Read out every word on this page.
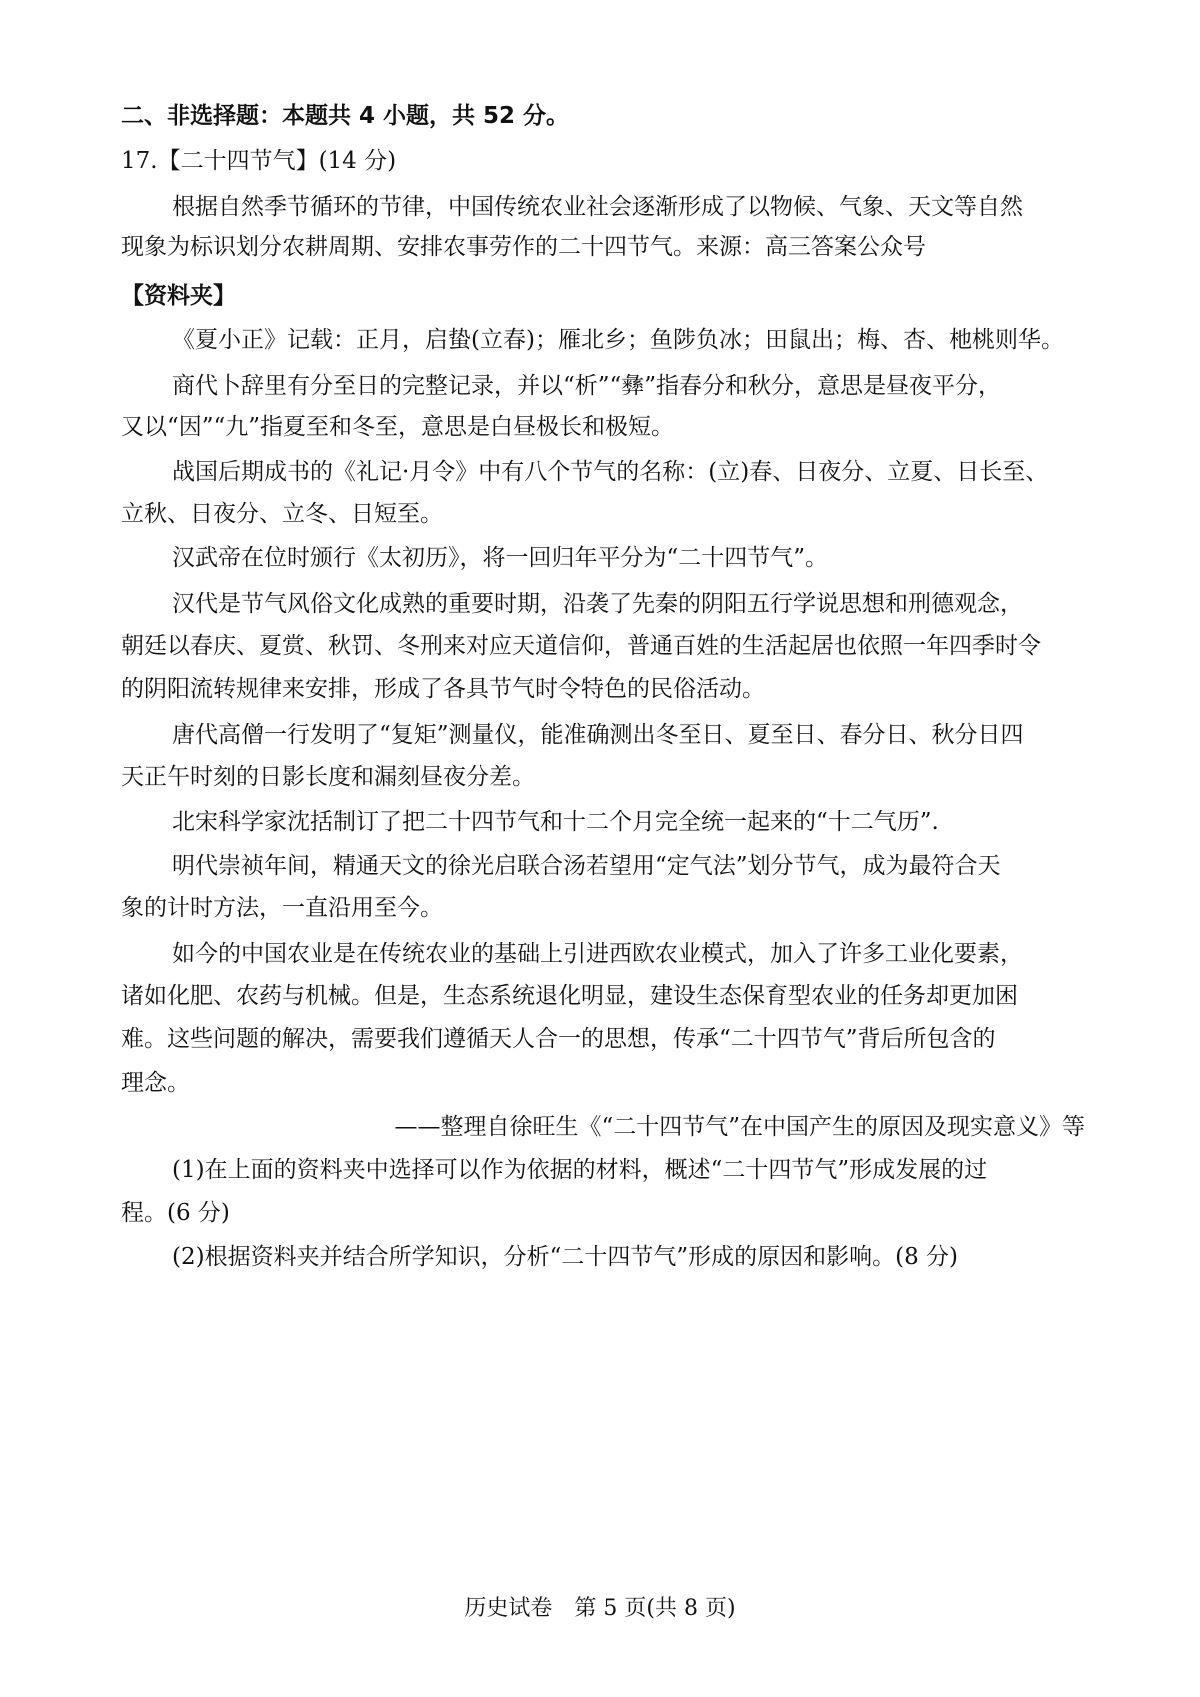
二、非选择题：本题共 4 小题，共 52 分。
17.【二十四节气】(14 分)
根据自然季节循环的节律，中国传统农业社会逐渐形成了以物候、气象、天文等自然
现象为标识划分农耕周期、安排农事劳作的二十四节气。来源：高三答案公众号
【资料夹】
《夏小正》记载：正月，启蛰(立春)；雁北乡；鱼陟负冰；田鼠出；梅、杏、杝桃则华。
商代卜辞里有分至日的完整记录，并以“析”“彝”指春分和秋分，意思是昼夜平分，
又以“因”“九”指夏至和冬至，意思是白昼极长和极短。
战国后期成书的《礼记·月令》中有八个节气的名称：(立)春、日夜分、立夏、日长至、
立秋、日夜分、立冬、日短至。
汉武帝在位时颁行《太初历》，将一回归年平分为“二十四节气”。
汉代是节气风俗文化成熟的重要时期，沿袭了先秦的阴阳五行学说思想和刑德观念，
朝廷以春庆、夏赏、秋罚、冬刑来对应天道信仰，普通百姓的生活起居也依照一年四季时令
的阴阳流转规律来安排，形成了各具节气时令特色的民俗活动。
唐代高僧一行发明了“复矩”测量仪，能准确测出冬至日、夏至日、春分日、秋分日四
天正午时刻的日影长度和漏刻昼夜分差。
北宋科学家沈括制订了把二十四节气和十二个月完全统一起来的“十二气历”.
明代崇祯年间，精通天文的徐光启联合汤若望用“定气法”划分节气，成为最符合天
象的计时方法，一直沿用至今。
如今的中国农业是在传统农业的基础上引进西欧农业模式，加入了许多工业化要素，
诸如化肥、农药与机械。但是，生态系统退化明显，建设生态保育型农业的任务却更加困
难。这些问题的解决，需要我们遵循天人合一的思想，传承“二十四节气”背后所包含的
理念。
——整理自徐旺生《“二十四节气”在中国产生的原因及现实意义》等
(1)在上面的资料夹中选择可以作为依据的材料，概述“二十四节气”形成发展的过
程。(6 分)
(2)根据资料夹并结合所学知识，分析“二十四节气”形成的原因和影响。(8 分)
历史试卷　第 5 页(共 8 页)
